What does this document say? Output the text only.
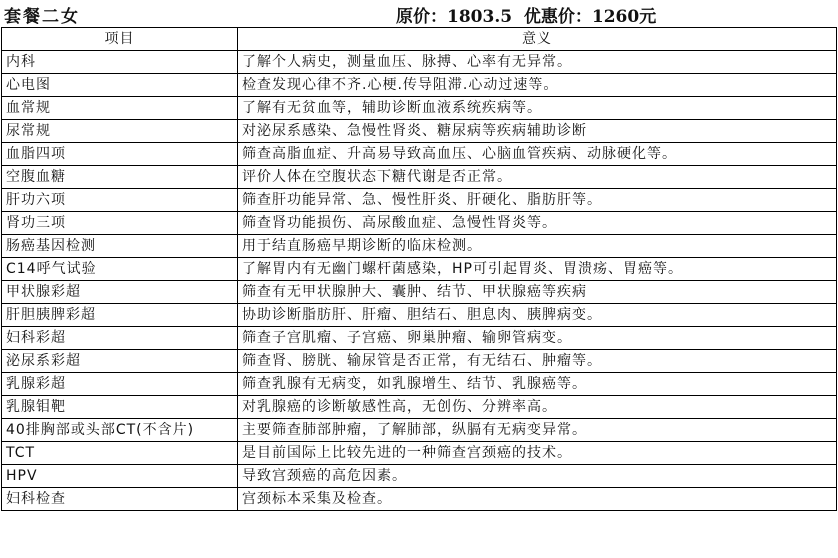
套餐二女	原价：1803.5  优惠价：1260元
项目	意义
内科	了解个人病史，测量血压、脉搏、心率有无异常。
心电图	检查发现心律不齐.心梗.传导阻滞.心动过速等。
血常规	了解有无贫血等，辅助诊断血液系统疾病等。
尿常规	对泌尿系感染、急慢性肾炎、糖尿病等疾病辅助诊断
血脂四项	筛查高脂血症、升高易导致高血压、心脑血管疾病、动脉硬化等。
空腹血糖	评价人体在空腹状态下糖代谢是否正常。
肝功六项	筛查肝功能异常、急、慢性肝炎、肝硬化、脂肪肝等。
肾功三项	筛查肾功能损伤、高尿酸血症、急慢性肾炎等。
肠癌基因检测	用于结直肠癌早期诊断的临床检测。
C14呼气试验	了解胃内有无幽门螺杆菌感染，HP可引起胃炎、胃溃疡、胃癌等。
甲状腺彩超	筛查有无甲状腺肿大、囊肿、结节、甲状腺癌等疾病
肝胆胰脾彩超	协助诊断脂肪肝、肝瘤、胆结石、胆息肉、胰脾病变。
妇科彩超	筛查子宫肌瘤、子宫癌、卵巢肿瘤、输卵管病变。
泌尿系彩超	筛查肾、膀胱、输尿管是否正常，有无结石、肿瘤等。
乳腺彩超	筛查乳腺有无病变，如乳腺增生、结节、乳腺癌等。
乳腺钼靶	对乳腺癌的诊断敏感性高，无创伤、分辨率高。
40排胸部或头部CT(不含片)	主要筛查肺部肿瘤，了解肺部，纵膈有无病变异常。
TCT	是目前国际上比较先进的一种筛查宫颈癌的技术。
HPV	导致宫颈癌的高危因素。
妇科检查	宫颈标本采集及检查。
